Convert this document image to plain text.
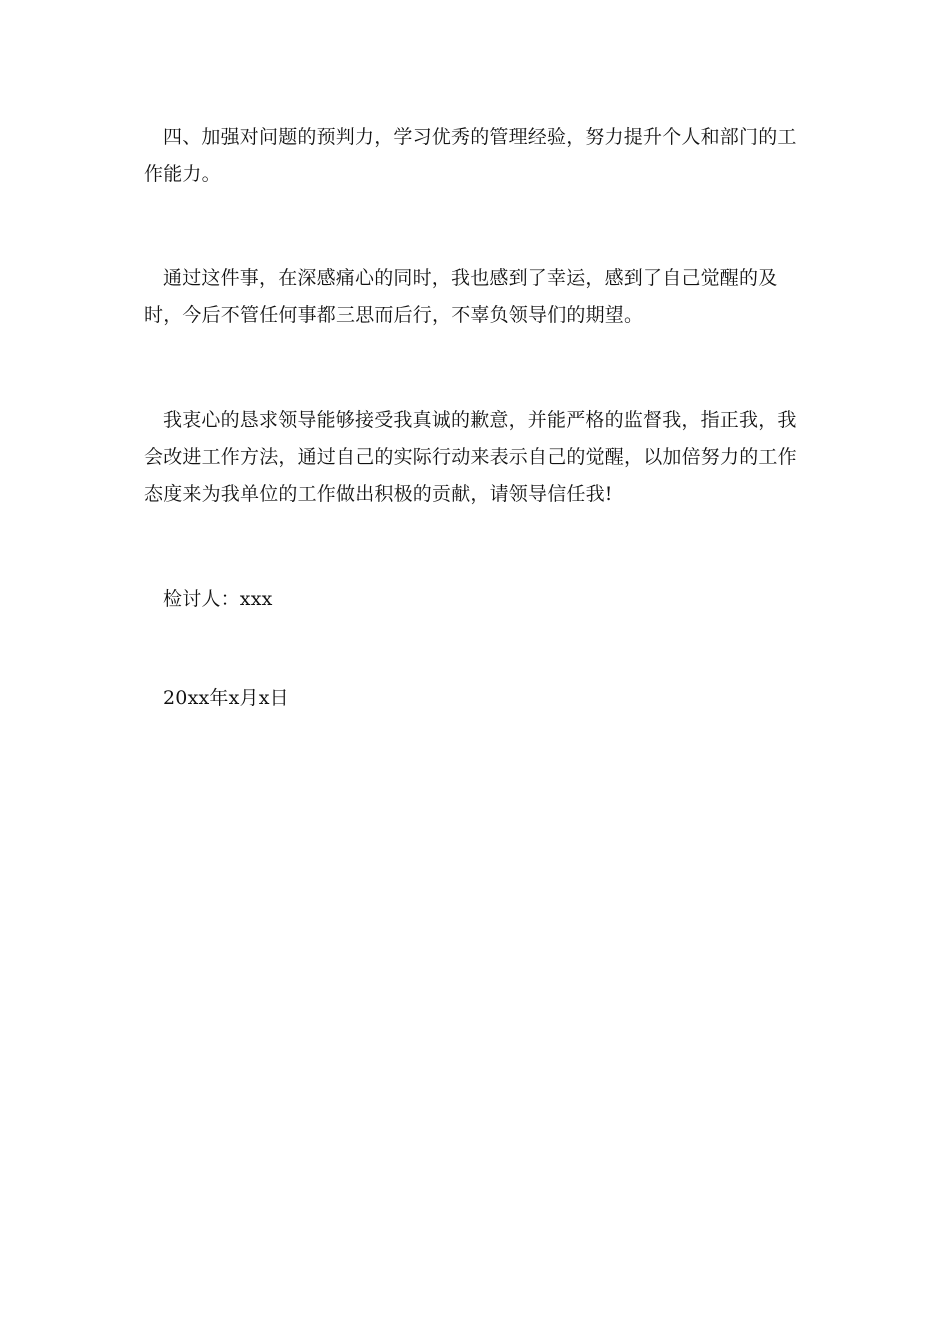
四、加强对问题的预判力，学习优秀的管理经验，努力提升个人和部门的工作能力。

通过这件事，在深感痛心的同时，我也感到了幸运，感到了自己觉醒的及时，今后不管任何事都三思而后行，不辜负领导们的期望。

我衷心的恳求领导能够接受我真诚的歉意，并能严格的监督我，指正我，我会改进工作方法，通过自己的实际行动来表示自己的觉醒，以加倍努力的工作态度来为我单位的工作做出积极的贡献，请领导信任我!

检讨人：xxx

20xx年x月x日
